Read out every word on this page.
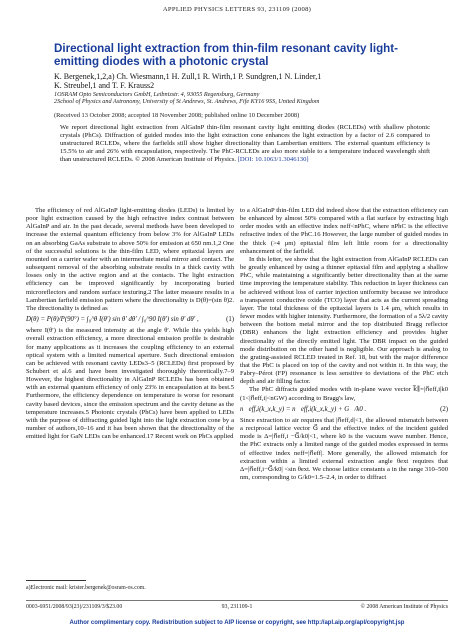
APPLIED PHYSICS LETTERS 93, 231109 (2008)
Directional light extraction from thin-film resonant cavity light-emitting diodes with a photonic crystal
K. Bergenek,1,2,a) Ch. Wiesmann,1 H. Zull,1 R. Wirth,1 P. Sundgren,1 N. Linder,1
K. Streubel,1 and T. F. Krauss2
1OSRAM Opto Semiconductors GmbH, Leibnizstr. 4, 93055 Regensburg, Germany
2School of Physics and Astronomy, University of St Andrews, St. Andrews, Fife KY16 9SS, United Kingdom
(Received 13 October 2008; accepted 18 November 2008; published online 10 December 2008)

We report directional light extraction from AlGaInP thin-film resonant cavity light emitting diodes (RCLEDs) with shallow photonic crystals (PhCs). Diffraction of guided modes into the light extraction cone enhances the light extraction by a factor of 2.6 compared to unstructured RCLEDs, where the farfields still show higher directionality than Lambertian emitters. The external quantum efficiency is 15.5% to air and 26% with encapsulation, respectively. The PhC-RCLEDs are also more stable to a temperature induced wavelength shift than unstructured RCLEDs. © 2008 American Institute of Physics. [DOI: 10.1063/1.3046130]

The efficiency of red AlGaInP light-emitting diodes (LEDs) is limited by poor light extraction caused by the high refractive index contrast between AlGaInP and air. In the past decade, several methods have been developed to increase the external quantum efficiency from below 3% for AlGaInP LEDs on an absorbing GaAs substrate to above 50% for emission at 650 nm.1,2 One of the successful solutions is the thin-film LED, where epitaxial layers are mounted on a carrier wafer with an intermediate metal mirror and contact. The subsequent removal of the absorbing substrate results in a thick cavity with losses only in the active region and at the contacts. The light extraction efficiency can be improved significantly by incorporating buried microreflectors and random surface texturing.2 The latter measure results in a Lambertian farfield emission pattern where the directionality is D(θ)=(sin θ)2. The directionality is defined as

D(θ) = P(θ)/P(90°) = ∫₀^θ I(θ′) sin θ′ dθ′ / ∫₀^90 I(θ′) sin θ′ dθ′ ,	(1)

where I(θ′) is the measured intensity at the angle θ′. While this yields high overall extraction efficiency, a more directional emission profile is desirable for many applications as it increases the coupling efficiency to an external optical system with a limited numerical aperture. Such directional emission can be achieved with resonant cavity LEDs3–5 (RCLEDs) first proposed by Schubert et al.6 and have been investigated thoroughly theoretically.7–9 However, the highest directionality in AlGaInP RCLEDs has been obtained with an external quantum efficiency of only 23% in encapsulation at its best.5 Furthermore, the efficiency dependence on temperature is worse for resonant cavity based devices, since the emission spectrum and the cavity detune as the temperature increases.5 Photonic crystals (PhCs) have been applied to LEDs with the purpose of diffracting guided light into the light extraction cone by a number of authors,10–16 and it has been shown that the directionality of the emitted light for GaN LEDs can be enhanced.17 Recent work on PhCs applied

to a AlGaInP thin-film LED did indeed show that the extraction efficiency can be enhanced by almost 50% compared with a flat surface by extracting high order modes with an effective index neff<nPhC, where nPhC is the effective refractive index of the PhC.16 However, the large number of guided modes in the thick (>4 μm) epitaxial film left little room for a directionality enhancement of the farfield.

In this letter, we show that the light extraction from AlGaInP RCLEDs can be greatly enhanced by using a thinner epitaxial film and applying a shallow PhC, while maintaining a significantly better directionality than at the same time improving the temperature stability. This reduction in layer thickness can be achieved without loss of carrier injection uniformity because we introduce a transparent conductive oxide (TCO) layer that acts as the current spreading layer. The total thickness of the epitaxial layers is 1.4 μm, which results in fewer modes with higher intensity. Furthermore, the formation of a 5λ/2 cavity between the bottom metal mirror and the top distributed Bragg reflector (DBR) enhances the light extraction efficiency and provides higher directionality of the directly emitted light. The DBR impact on the guided mode distribution on the other hand is negligible. Our approach is analog to the grating-assisted RCLED treated in Ref. 18, but with the major difference that the PhC is placed on top of the cavity and not within it. In this way, the Fabry–Pérot (FP) resonance is less sensitive to deviations of the PhC etch depth and air filling factor.

The PhC diffracts guided modes with in-plane wave vector k⃗∥=|n⃗eff,i|k0 (1<|n⃗eff,i|<nGW) according to Bragg's law,

n⃗eff,i(k_x,k_y) = n⃗eff,i(k_x,k_y) + G⃗/k0 .	(2)

Since extraction to air requires that |n⃗eff,d|<1, the allowed mismatch between a reciprocal lattice vector G⃗ and the effective index of the incident guided mode is Δ=|n⃗eff,i −G⃗/k0|<1, where k0 is the vacuum wave number. Hence, the PhC extracts only a limited range of the guided modes expressed in terms of effective index neff=|n⃗eff|. More generally, the allowed mismatch for extraction within a limited external extraction angle θext requires that Δ=|n⃗eff,i−G⃗/k0| <sin θext. We choose lattice constants a in the range 310–500 nm, corresponding to G/k0=1.5–2.4, in order to diffract

a)Electronic mail: krister.bergenek@osram-os.com.
0003-6951/2008/93(23)/231109/3/$23.00	93, 231109-1	© 2008 American Institute of Physics
Author complimentary copy. Redistribution subject to AIP license or copyright, see http://apl.aip.org/apl/copyright.jsp
